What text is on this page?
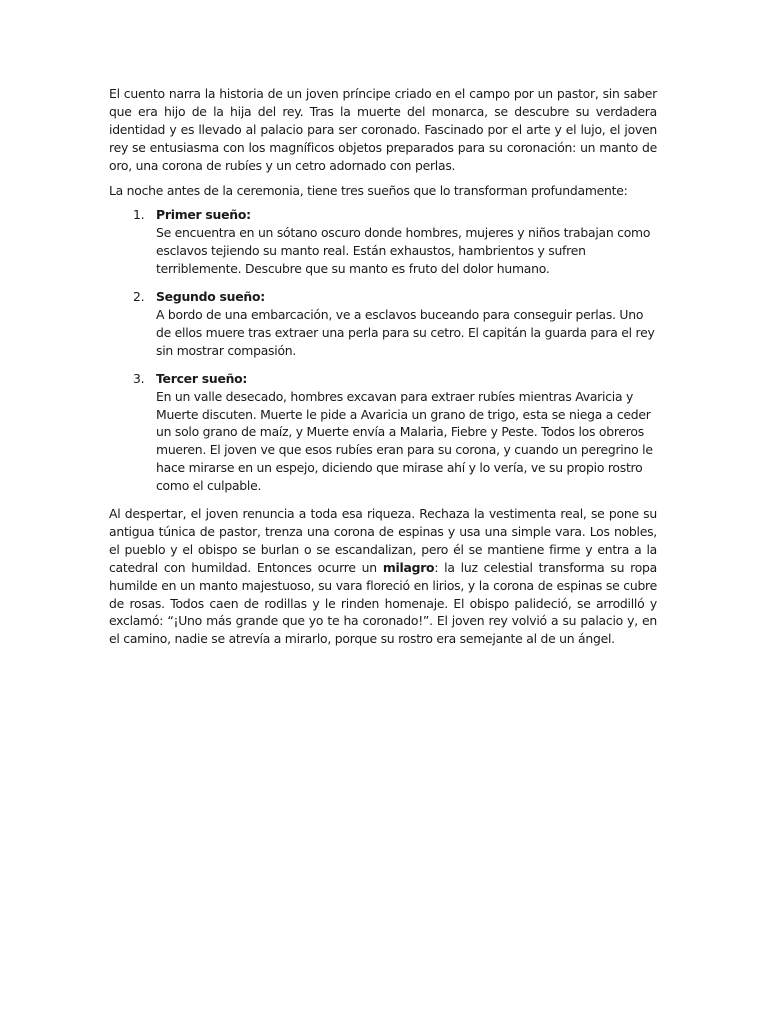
El cuento narra la historia de un joven príncipe criado en el campo por un pastor, sin saber que era hijo de la hija del rey. Tras la muerte del monarca, se descubre su verdadera identidad y es llevado al palacio para ser coronado. Fascinado por el arte y el lujo, el joven rey se entusiasma con los magníficos objetos preparados para su coronación: un manto de oro, una corona de rubíes y un cetro adornado con perlas.

La noche antes de la ceremonia, tiene tres sueños que lo transforman profundamente:

1. Primer sueño:
Se encuentra en un sótano oscuro donde hombres, mujeres y niños trabajan como esclavos tejiendo su manto real. Están exhaustos, hambrientos y sufren terriblemente. Descubre que su manto es fruto del dolor humano.
2. Segundo sueño:
A bordo de una embarcación, ve a esclavos buceando para conseguir perlas. Uno de ellos muere tras extraer una perla para su cetro. El capitán la guarda para el rey sin mostrar compasión.
3. Tercer sueño:
En un valle desecado, hombres excavan para extraer rubíes mientras Avaricia y Muerte discuten. Muerte le pide a Avaricia un grano de trigo, esta se niega a ceder un solo grano de maíz, y Muerte envía a Malaria, Fiebre y Peste. Todos los obreros mueren. El joven ve que esos rubíes eran para su corona, y cuando un peregrino le hace mirarse en un espejo, diciendo que mirase ahí y lo vería, ve su propio rostro como el culpable.

Al despertar, el joven renuncia a toda esa riqueza. Rechaza la vestimenta real, se pone su antigua túnica de pastor, trenza una corona de espinas y usa una simple vara. Los nobles, el pueblo y el obispo se burlan o se escandalizan, pero él se mantiene firme y entra a la catedral con humildad. Entonces ocurre un milagro: la luz celestial transforma su ropa humilde en un manto majestuoso, su vara floreció en lirios, y la corona de espinas se cubre de rosas. Todos caen de rodillas y le rinden homenaje. El obispo palideció, se arrodilló y exclamó: “¡Uno más grande que yo te ha coronado!”. El joven rey volvió a su palacio y, en el camino, nadie se atrevía a mirarlo, porque su rostro era semejante al de un ángel.
